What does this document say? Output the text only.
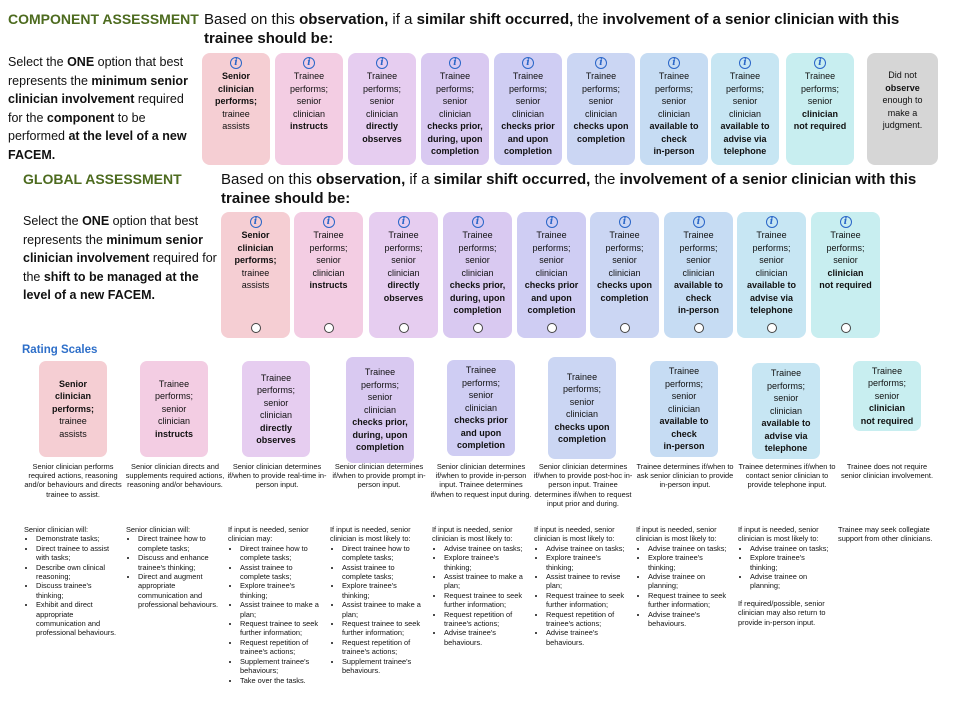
COMPONENT ASSESSMENT Based on this observation, if a similar shift occurred, the involvement of a senior clinician with this trainee should be:
Select the ONE option that best represents the minimum senior clinician involvement required for the component to be performed at the level of a new FACEM.
i
Senior
clinician
performs;
trainee
assists
i
Trainee
performs;
senior
clinician
instructs
i
Trainee
performs;
senior
clinician
directly
observes
i
Trainee
performs;
senior
clinician
checks prior,
during, upon
completion
i
Trainee
performs;
senior
clinician
checks prior
and upon
completion
i
Trainee
performs;
senior
clinician
checks upon
completion
i
Trainee
performs;
senior
clinician
available to
check
in-person
i
Trainee
performs;
senior
clinician
available to
advise via
telephone
i
Trainee
performs;
senior
clinician
not required
Did not
observe
enough to
make a
judgment.
GLOBAL ASSESSMENT	Based on this observation, if a similar shift occurred, the involvement of a senior clinician with this trainee should be:
Select the ONE option that best represents the minimum senior clinician involvement required for the shift to be managed at the level of a new FACEM.
i
Senior
clinician
performs;
trainee
assists
i
Trainee
performs;
senior
clinician
instructs
i
Trainee
performs;
senior
clinician
directly
observes
i
Trainee
performs;
senior
clinician
checks prior,
during, upon
completion
i
Trainee
performs;
senior
clinician
checks prior
and upon
completion
i
Trainee
performs;
senior
clinician
checks upon
completion
i
Trainee
performs;
senior
clinician
available to
check
in-person
i
Trainee
performs;
senior
clinician
available to
advise via
telephone
i
Trainee
performs;
senior
clinician
not required
Rating Scales
Senior
clinician
performs;
trainee
assists
Trainee
performs;
senior
clinician
instructs
Trainee
performs;
senior
clinician
directly
observes
Trainee
performs;
senior
clinician
checks prior,
during, upon
completion
Trainee
performs;
senior
clinician
checks prior
and upon
completion
Trainee
performs;
senior
clinician
checks upon
completion
Trainee
performs;
senior
clinician
available to
check
in-person
Trainee
performs;
senior
clinician
available to
advise via
telephone
Trainee
performs;
senior
clinician
not required
Senior clinician performs required actions, reasoning and/or behaviours and directs trainee to assist.
Senior clinician directs and supplements required actions, reasoning and/or behaviours.
Senior clinician determines if/when to provide real-time in-person input.
Senior clinician determines if/when to provide prompt in-person input.
Senior clinician determines if/when to provide in-person input. Trainee determines if/when to request input during.
Senior clinician determines if/when to provide post-hoc in-person input. Trainee determines if/when to request input prior and during.
Trainee determines if/when to ask senior clinician to provide in-person input.
Trainee determines if/when to contact senior clinician to provide telephone input.
Trainee does not require senior clinician involvement.
Senior clinician will:
• Demonstrate tasks;
• Direct trainee to assist with tasks;
• Describe own clinical reasoning;
• Discuss trainee's thinking;
• Exhibit and direct appropriate communication and professional behaviours.
Senior clinician will:
• Direct trainee how to complete tasks;
• Discuss and enhance trainee's thinking;
• Direct and augment appropriate communication and professional behaviours.
If input is needed, senior clinician may:
• Direct trainee how to complete tasks;
• Assist trainee to complete tasks;
• Explore trainee's thinking;
• Assist trainee to make a plan;
• Request trainee to seek further information;
• Request repetition of trainee's actions;
• Supplement trainee's behaviours;
• Take over the tasks.
If input is needed, senior clinician is most likely to:
• Direct trainee how to complete tasks;
• Assist trainee to complete tasks;
• Explore trainee's thinking;
• Assist trainee to make a plan;
• Request trainee to seek further information;
• Request repetition of trainee's actions;
• Supplement trainee's behaviours.
If input is needed, senior clinician is most likely to:
• Advise trainee on tasks;
• Explore trainee's thinking;
• Assist trainee to make a plan;
• Request trainee to seek further information;
• Request repetition of trainee's actions;
• Advise trainee's behaviours.
If input is needed, senior clinician is most likely to:
• Advise trainee on tasks;
• Explore trainee's thinking;
• Assist trainee to revise plan;
• Request trainee to seek further information;
• Request repetition of trainee's actions;
• Advise trainee's behaviours.
If input is needed, senior clinician is most likely to:
• Advise trainee on tasks;
• Explore trainee's thinking;
• Advise trainee on planning;
• Request trainee to seek further information;
• Advise trainee's behaviours.
If input is needed, senior clinician is most likely to:
• Advise trainee on tasks;
• Explore trainee's thinking;
• Advise trainee on planning;
If required/possible, senior clinician may also return to provide in-person input.
Trainee may seek collegiate support from other clinicians.
